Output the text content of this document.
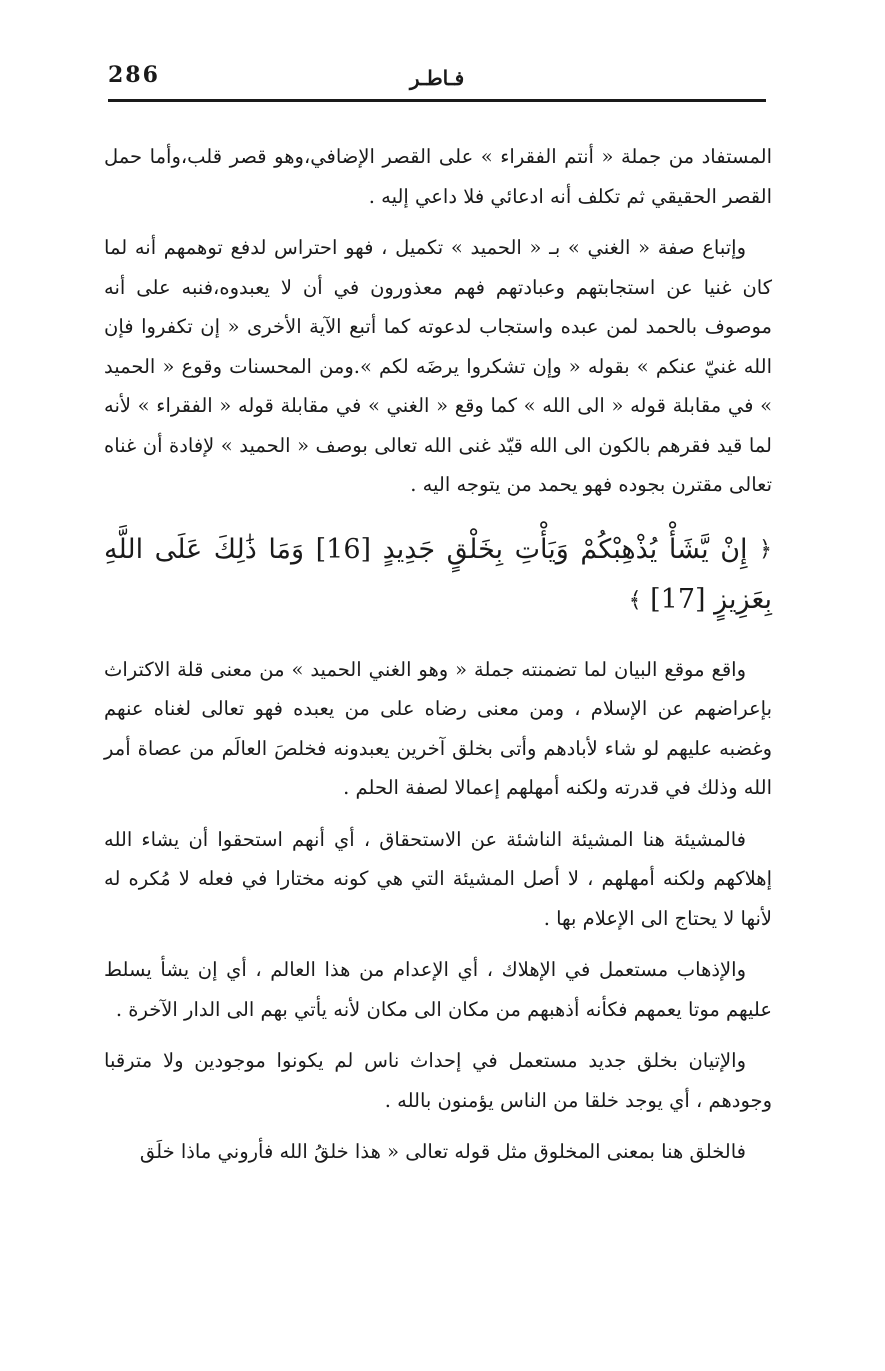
286	فـاطـر

المستفاد من جملة « أنتم الفقراء » على القصر الإضافي،وهو قصر قلب،وأما حمل القصر الحقيقي ثم تكلف أنه ادعائي فلا داعي إليه .

وإتباع صفة « الغني » بـ « الحميد » تكميل ، فهو احتراس لدفع توهمهم أنه لما كان غنيا عن استجابتهم وعبادتهم فهم معذورون في أن لا يعبدوه،فنبه على أنه موصوف بالحمد لمن عبده واستجاب لدعوته كما أتبع الآية الأخرى « إن تكفروا فإن الله غنيّ عنكم » بقوله « وإن تشكروا يرضَه لكم ».ومن المحسنات وقوع « الحميد » في مقابلة قوله « الى الله » كما وقع « الغني » في مقابلة قوله « الفقراء » لأنه لما قيد فقرهم بالكون الى الله قيّد غنى الله تعالى بوصف « الحميد » لإفادة أن غناه تعالى مقترن بجوده فهو يحمد من يتوجه اليه .

﴿ إِنْ يَّشَأْ يُذْهِبْكُمْ وَيَأْتِ بِخَلْقٍ جَدِيدٍ [16] وَمَا ذَٰلِكَ عَلَى اللَّهِ بِعَزِيزٍ [17] ﴾

واقع موقع البيان لما تضمنته جملة « وهو الغني الحميد » من معنى قلة الاكتراث بإعراضهم عن الإسلام ، ومن معنى رضاه على من يعبده فهو تعالى لغناه عنهم وغضبه عليهم لو شاء لأبادهم وأتى بخلق آخرين يعبدونه فخلصَ العالَم من عصاة أمر الله وذلك في قدرته ولكنه أمهلهم إعمالا لصفة الحلم .

فالمشيئة هنا المشيئة الناشئة عن الاستحقاق ، أي أنهم استحقوا أن يشاء الله إهلاكهم ولكنه أمهلهم ، لا أصل المشيئة التي هي كونه مختارا في فعله لا مُكره له لأنها لا يحتاج الى الإعلام بها .

والإذهاب مستعمل في الإهلاك ، أي الإعدام من هذا العالم ، أي إن يشأ يسلط عليهم موتا يعمهم فكأنه أذهبهم من مكان الى مكان لأنه يأتي بهم الى الدار الآخرة .

والإتيان بخلق جديد مستعمل في إحداث ناس لم يكونوا موجودين ولا مترقبا وجودهم ، أي يوجد خلقا من الناس يؤمنون بالله .

فالخلق هنا بمعنى المخلوق مثل قوله تعالى « هذا خلقُ الله فأروني ماذا خلَق
